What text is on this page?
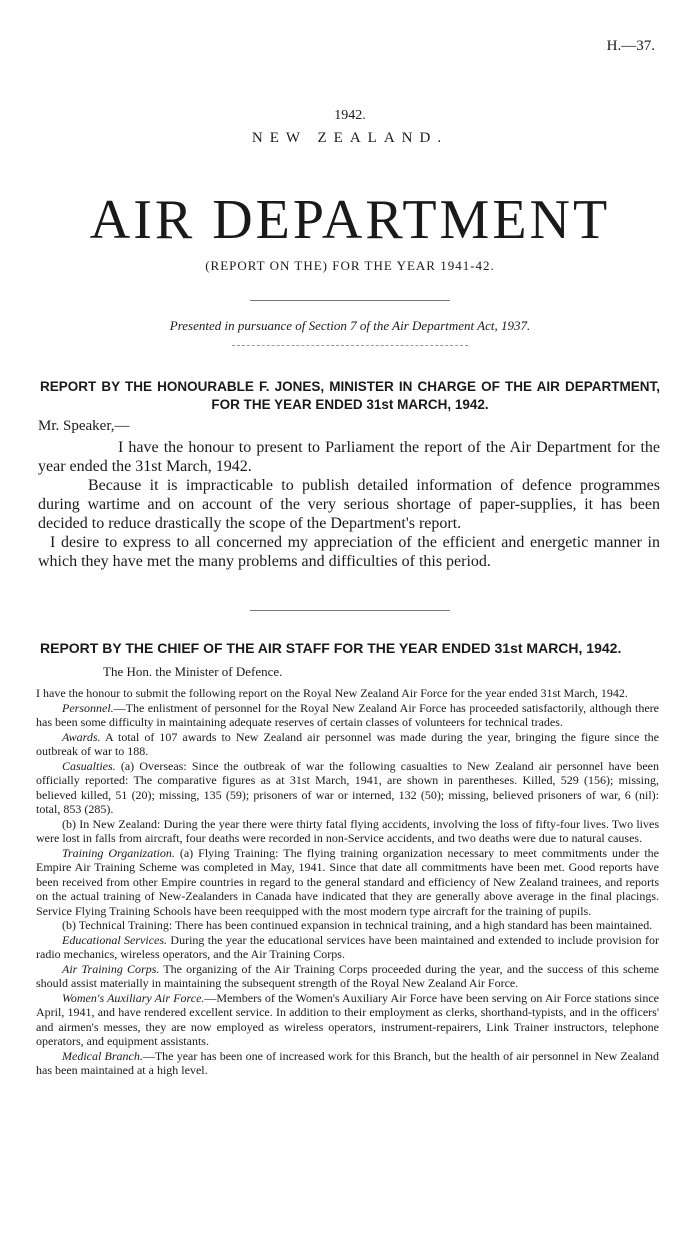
H.—37.
1942.
NEW ZEALAND.
AIR DEPARTMENT
(REPORT ON THE) FOR THE YEAR 1941-42.
Presented in pursuance of Section 7 of the Air Department Act, 1937.
REPORT BY THE HONOURABLE F. JONES, MINISTER IN CHARGE OF THE AIR DEPARTMENT, FOR THE YEAR ENDED 31st MARCH, 1942.
Mr. Speaker,—

I have the honour to present to Parliament the report of the Air Department for the year ended the 31st March, 1942.

Because it is impracticable to publish detailed information of defence programmes during wartime and on account of the very serious shortage of paper-supplies, it has been decided to reduce drastically the scope of the Department's report.

I desire to express to all concerned my appreciation of the efficient and energetic manner in which they have met the many problems and difficulties of this period.

REPORT BY THE CHIEF OF THE AIR STAFF FOR THE YEAR ENDED 31st MARCH, 1942.
The Hon. the Minister of Defence.

I have the honour to submit the following report on the Royal New Zealand Air Force for the year ended 31st March, 1942.

Personnel.—The enlistment of personnel for the Royal New Zealand Air Force has proceeded satisfactorily, although there has been some difficulty in maintaining adequate reserves of certain classes of volunteers for technical trades.

Awards. A total of 107 awards to New Zealand air personnel was made during the year, bringing the figure since the outbreak of war to 188.

Casualties. (a) Overseas: Since the outbreak of war the following casualties to New Zealand air personnel have been officially reported: The comparative figures as at 31st March, 1941, are shown in parentheses. Killed, 529 (156); missing, believed killed, 51 (20); missing, 135 (59); prisoners of war or interned, 132 (50); missing, believed prisoners of war, 6 (nil): total, 853 (285).

(b) In New Zealand: During the year there were thirty fatal flying accidents, involving the loss of fifty-four lives. Two lives were lost in falls from aircraft, four deaths were recorded in non-Service accidents, and two deaths were due to natural causes.

Training Organization. (a) Flying Training: The flying training organization necessary to meet commitments under the Empire Air Training Scheme was completed in May, 1941. Since that date all commitments have been met. Good reports have been received from other Empire countries in regard to the general standard and efficiency of New Zealand trainees, and reports on the actual training of New-Zealanders in Canada have indicated that they are generally above average in the final placings. Service Flying Training Schools have been reequipped with the most modern type aircraft for the training of pupils.

(b) Technical Training: There has been continued expansion in technical training, and a high standard has been maintained.

Educational Services. During the year the educational services have been maintained and extended to include provision for radio mechanics, wireless operators, and the Air Training Corps.

Air Training Corps. The organizing of the Air Training Corps proceeded during the year, and the success of this scheme should assist materially in maintaining the subsequent strength of the Royal New Zealand Air Force.

Women's Auxiliary Air Force.—Members of the Women's Auxiliary Air Force have been serving on Air Force stations since April, 1941, and have rendered excellent service. In addition to their employment as clerks, shorthand-typists, and in the officers' and airmen's messes, they are now employed as wireless operators, instrument-repairers, Link Trainer instructors, telephone operators, and equipment assistants.

Medical Branch.—The year has been one of increased work for this Branch, but the health of air personnel in New Zealand has been maintained at a high level.
